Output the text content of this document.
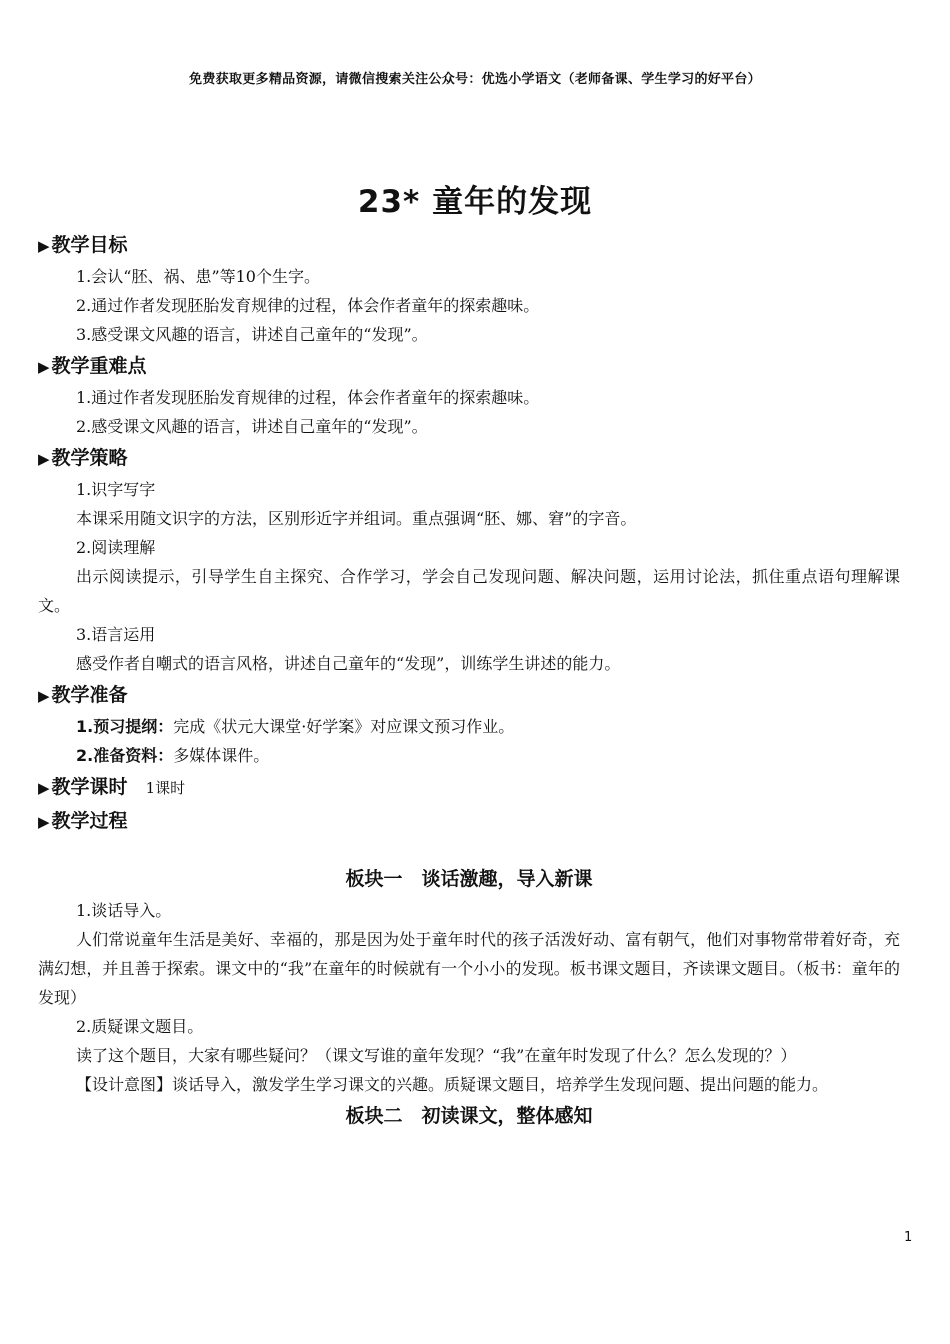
免费获取更多精品资源，请微信搜索关注公众号：优选小学语文（老师备课、学生学习的好平台）
23* 童年的发现
▶ 教学目标

1.会认“胚、祸、患”等10个生字。

2.通过作者发现胚胎发育规律的过程，体会作者童年的探索趣味。

3.感受课文风趣的语言，讲述自己童年的“发现”。

▶ 教学重难点

1.通过作者发现胚胎发育规律的过程，体会作者童年的探索趣味。

2.感受课文风趣的语言，讲述自己童年的“发现”。

▶ 教学策略

1.识字写字

本课采用随文识字的方法，区别形近字并组词。重点强调“胚、娜、窘”的字音。

2.阅读理解

出示阅读提示，引导学生自主探究、合作学习，学会自己发现问题、解决问题，运用讨论法，抓住重点语句理解课文。

3.语言运用

感受作者自嘲式的语言风格，讲述自己童年的“发现”，训练学生讲述的能力。

▶ 教学准备

1.预习提纲：完成《状元大课堂·好学案》对应课文预习作业。

2.准备资料：多媒体课件。

▶ 教学课时 1课时
▶ 教学过程
板块一　谈话激趣，导入新课

1.谈话导入。

人们常说童年生活是美好、幸福的，那是因为处于童年时代的孩子活泼好动、富有朝气，他们对事物常带着好奇，充满幻想，并且善于探索。课文中的“我”在童年的时候就有一个小小的发现。板书课文题目，齐读课文题目。（板书：童年的发现）

2.质疑课文题目。

读了这个题目，大家有哪些疑问？（课文写谁的童年发现？“我”在童年时发现了什么？怎么发现的？）

【设计意图】谈话导入，激发学生学习课文的兴趣。质疑课文题目，培养学生发现问题、提出问题的能力。

板块二　初读课文，整体感知
1
